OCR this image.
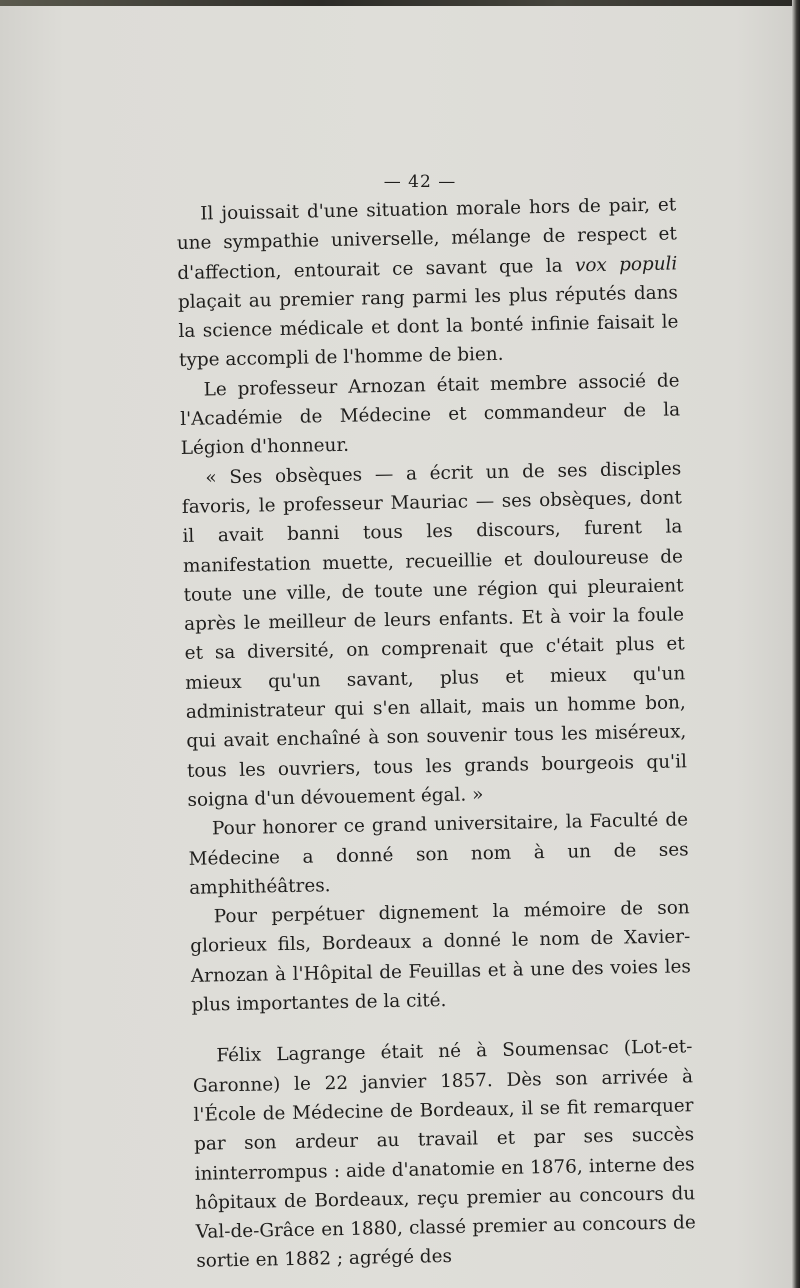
— 42 —

Il jouissait d'une situation morale hors de pair, et une sympathie universelle, mélange de respect et d'affection, entourait ce savant que la vox populi plaçait au premier rang parmi les plus réputés dans la science médicale et dont la bonté infinie faisait le type accompli de l'homme de bien.

Le professeur Arnozan était membre associé de l'Académie de Médecine et commandeur de la Légion d'honneur.

« Ses obsèques — a écrit un de ses disciples favoris, le professeur Mauriac — ses obsèques, dont il avait banni tous les discours, furent la manifestation muette, recueillie et douloureuse de toute une ville, de toute une région qui pleuraient après le meilleur de leurs enfants. Et à voir la foule et sa diversité, on comprenait que c'était plus et mieux qu'un savant, plus et mieux qu'un administrateur qui s'en allait, mais un homme bon, qui avait enchaîné à son souvenir tous les miséreux, tous les ouvriers, tous les grands bourgeois qu'il soigna d'un dévouement égal. »

Pour honorer ce grand universitaire, la Faculté de Médecine a donné son nom à un de ses amphithéâtres.

Pour perpétuer dignement la mémoire de son glorieux fils, Bordeaux a donné le nom de Xavier-Arnozan à l'Hôpital de Feuillas et à une des voies les plus importantes de la cité.

Félix Lagrange était né à Soumensac (Lot-et-Garonne) le 22 janvier 1857. Dès son arrivée à l'École de Médecine de Bordeaux, il se fit remarquer par son ardeur au travail et par ses succès ininterrompus : aide d'anatomie en 1876, interne des hôpitaux de Bordeaux, reçu premier au concours du Val-de-Grâce en 1880, classé premier au concours de sortie en 1882 ; agrégé des
